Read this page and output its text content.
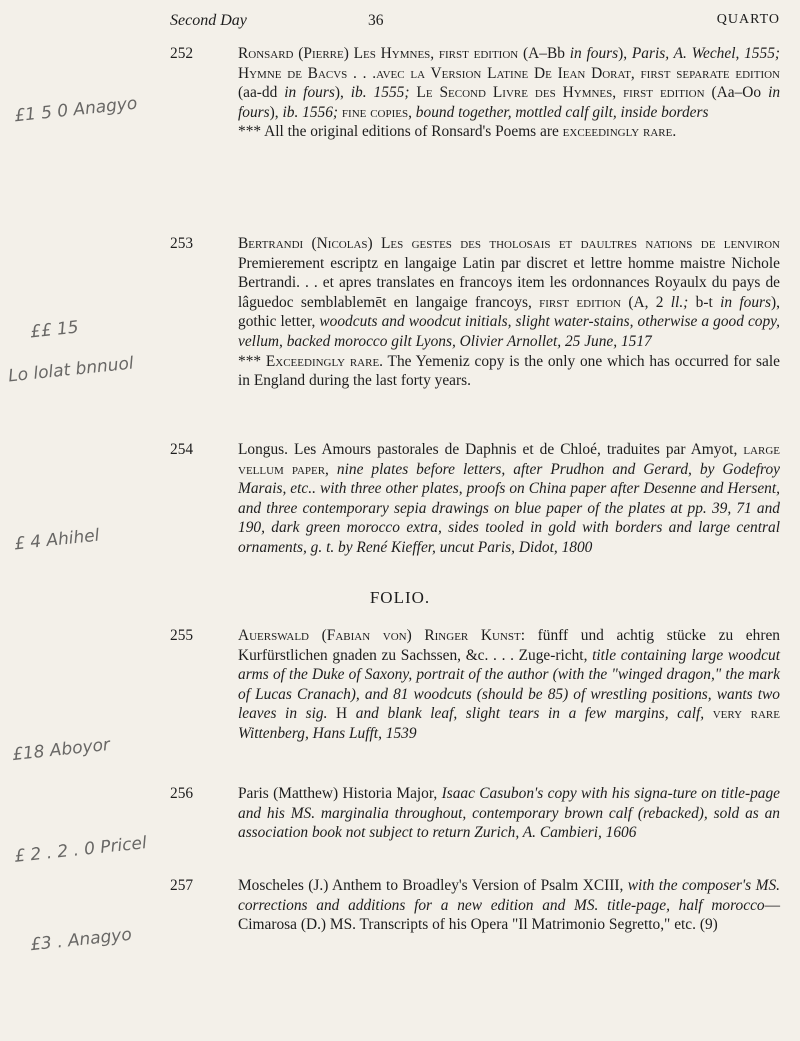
Second Day	36	QUARTO
252	Ronsard (Pierre) Les Hymnes, first edition (A–Bb in fours), Paris, A. Wechel, 1555; Hymne de Bacvs . . .avec la Version Latine De Iean Dorat, first separate edition (aa-dd in fours), ib. 1555; Le Second Livre des Hymnes, first edition (Aa–Oo in fours), ib. 1556; fine copies, bound together, mottled calf gilt, inside borders
*** All the original editions of Ronsard's Poems are exceedingly rare.
253	Bertrandi (Nicolas) Les gestes des tholosais et daultres nations de lenviron Premierement escriptz en langaige Latin par discret et lettre homme maistre Nichole Bertrandi. . . et apres translates en francoys item les ordonnances Royaulx du pays de lâguedoc semblablemēt en langaige francoys, first edition (A, 2 ll.; b-t in fours), gothic letter, woodcuts and woodcut initials, slight water-stains, otherwise a good copy, vellum, backed morocco gilt Lyons, Olivier Arnollet, 25 June, 1517
*** Exceedingly rare. The Yemeniz copy is the only one which has occurred for sale in England during the last forty years.
254	Longus. Les Amours pastorales de Daphnis et de Chloé, traduites par Amyot, large vellum paper, nine plates before letters, after Prudhon and Gerard, by Godefroy Marais, etc.. with three other plates, proofs on China paper after Desenne and Hersent, and three contemporary sepia drawings on blue paper of the plates at pp. 39, 71 and 190, dark green morocco extra, sides tooled in gold with borders and large central ornaments, g. t. by René Kieffer, uncut Paris, Didot, 1800
FOLIO.
255	Auerswald (Fabian von) Ringer Kunst: fünff und achtig stücke zu ehren Kurfürstlichen gnaden zu Sachssen, &c. . . . Zuge-richt, title containing large woodcut arms of the Duke of Saxony, portrait of the author (with the "winged dragon," the mark of Lucas Cranach), and 81 woodcuts (should be 85) of wrestling positions, wants two leaves in sig. H and blank leaf, slight tears in a few margins, calf, very rare Wittenberg, Hans Lufft, 1539
256	Paris (Matthew) Historia Major, Isaac Casubon's copy with his signa-ture on title-page and his MS. marginalia throughout, contemporary brown calf (rebacked), sold as an association book not subject to return Zurich, A. Cambieri, 1606
257	Moscheles (J.) Anthem to Broadley's Version of Psalm XCIII, with the composer's MS. corrections and additions for a new edition and MS. title-page, half morocco—Cimarosa (D.) MS. Transcripts of his Opera "Il Matrimonio Segretto," etc. (9)
£1 5 0 Anagyo
££ 15
Lo lolat bnnuol
£ 4 Ahihel
£18 Aboyor
£ 2 . 2 . 0 Pricel
£3 . Anagyo
